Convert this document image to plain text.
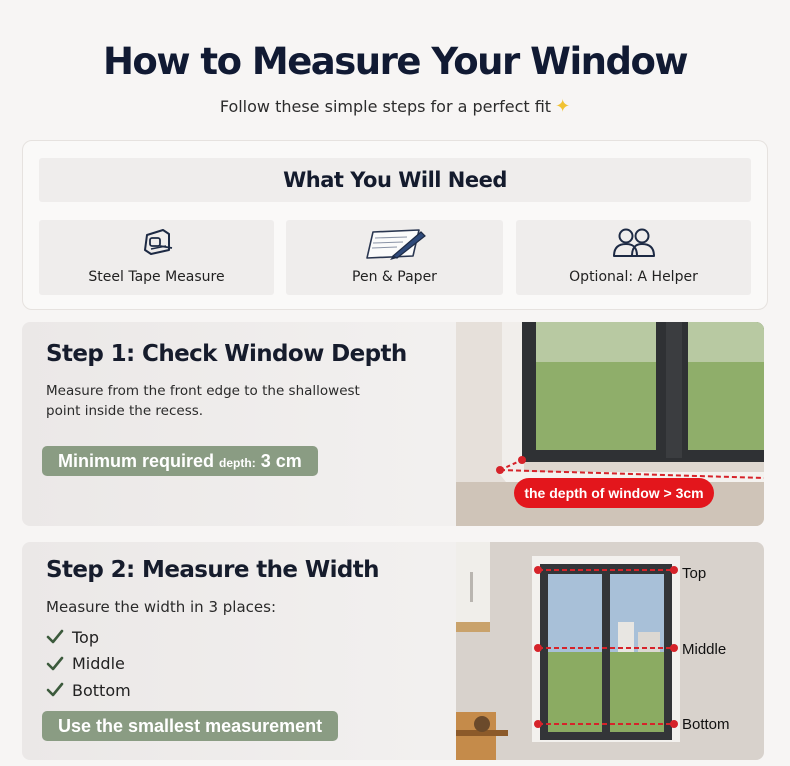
How to Measure Your Window
Follow these simple steps for a perfect fit ✦
What You Will Need
Steel Tape Measure	Pen & Paper	Optional: A Helper
Step 1: Check Window Depth
Measure from the front edge to the shallowest
point inside the recess.
Minimum required depth: 3 cm
the depth of window > 3cm
Step 2: Measure the Width
Measure the width in 3 places:
Top
Middle
Bottom
Use the smallest measurement
Top
Middle
Bottom
